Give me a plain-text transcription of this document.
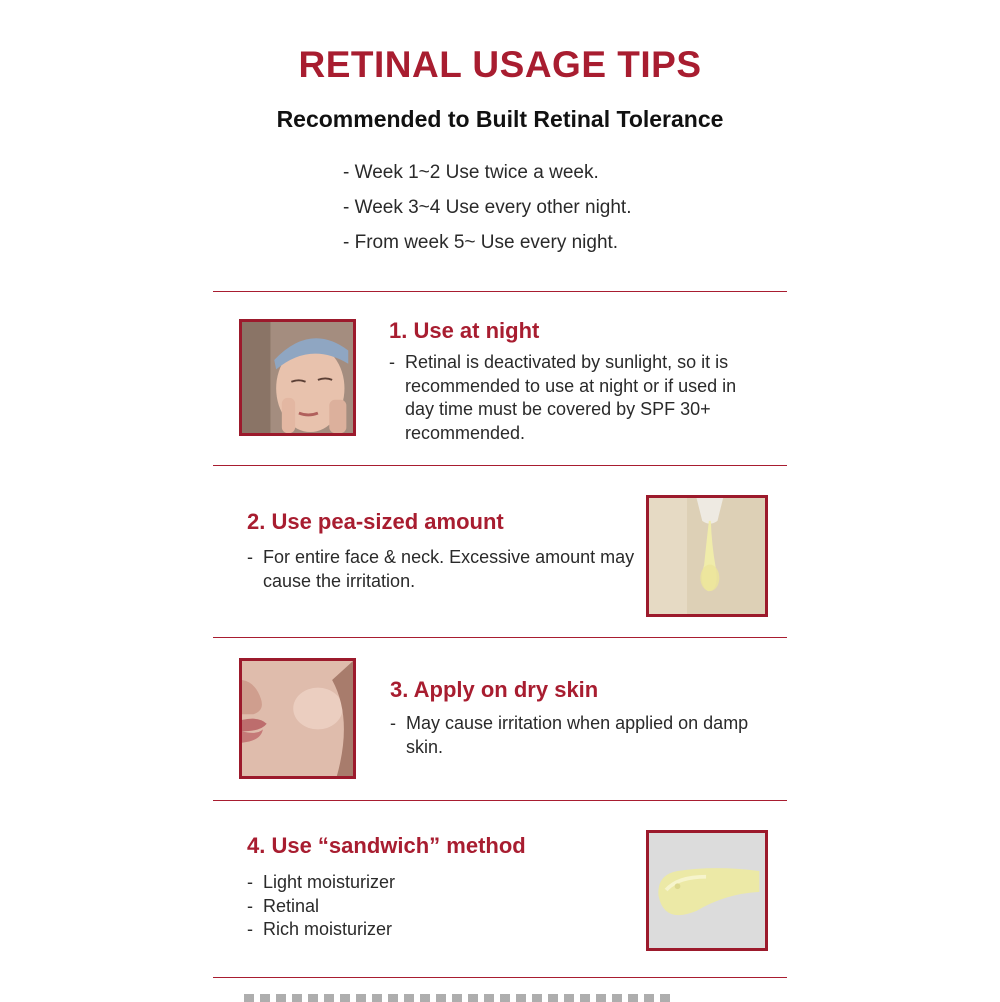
RETINAL USAGE TIPS
Recommended to Built Retinal Tolerance
- Week 1~2 Use twice a week.
- Week 3~4 Use every other night.
- From week 5~ Use every night.
1. Use at night
- Retinal is deactivated by sunlight, so it is recommended to use at night or if used in day time must be covered by SPF 30+ recommended.
2. Use pea-sized amount
- For entire face & neck. Excessive amount may cause the irritation.
3. Apply on dry skin
- May cause irritation when applied on damp skin.
4. Use “sandwich” method
- Light moisturizer
- Retinal
- Rich moisturizer
